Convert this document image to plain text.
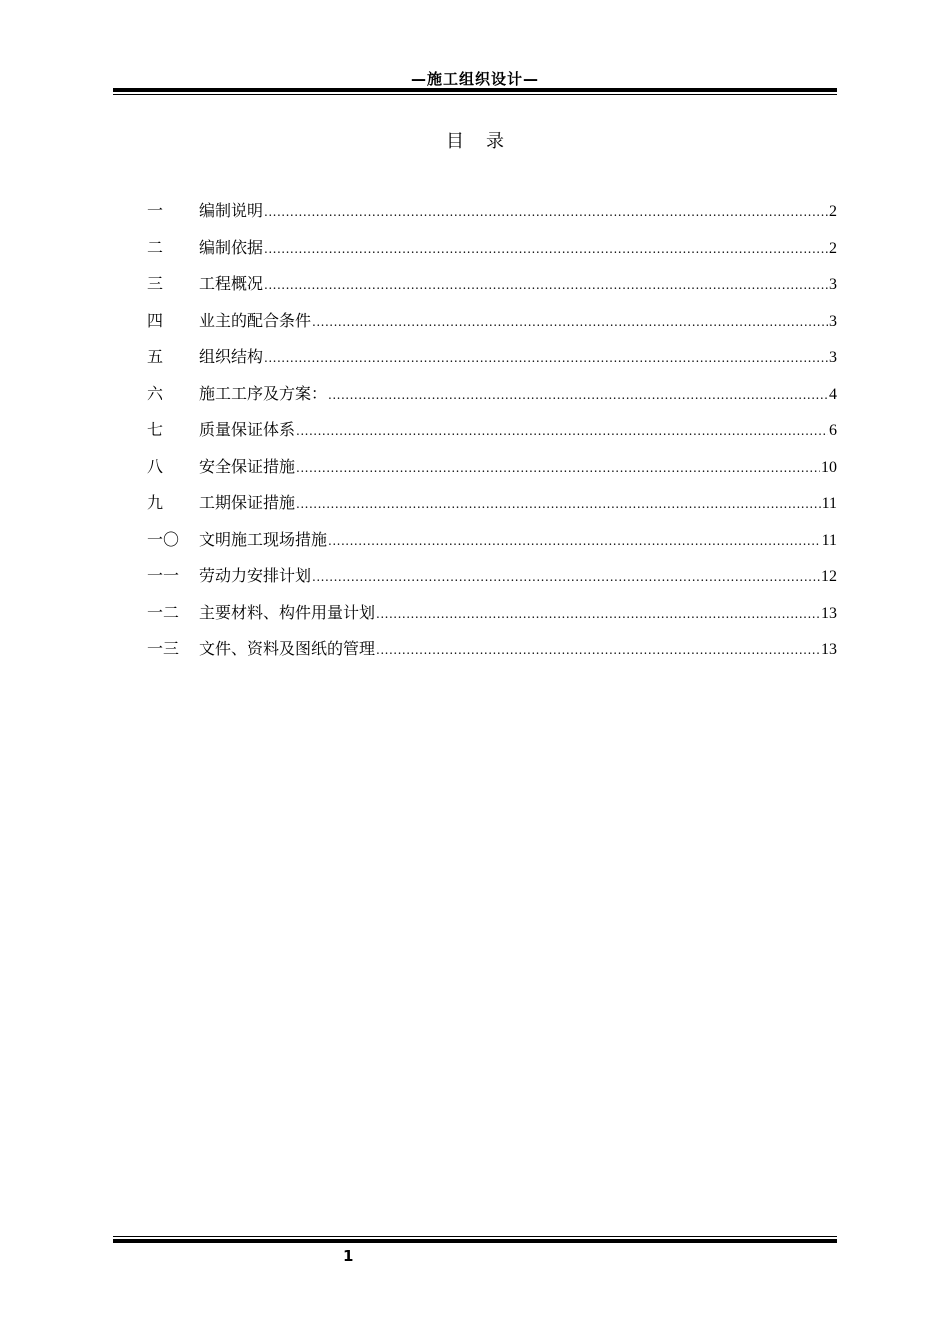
—施工组织设计—
目 录
一	编制说明 .....	2
二	编制依据 .....	2
三	工程概况 .....	3
四	业主的配合条件 .....	3
五	组织结构 .....	3
六	施工工序及方案： .....	4
七	质量保证体系 .....	6
八	安全保证措施 .....	10
九	工期保证措施 .....	11
一〇	文明施工现场措施 .....	11
一一	劳动力安排计划 .....	12
一二	主要材料、构件用量计划 .....	13
一三	文件、资料及图纸的管理 .....	13
1
